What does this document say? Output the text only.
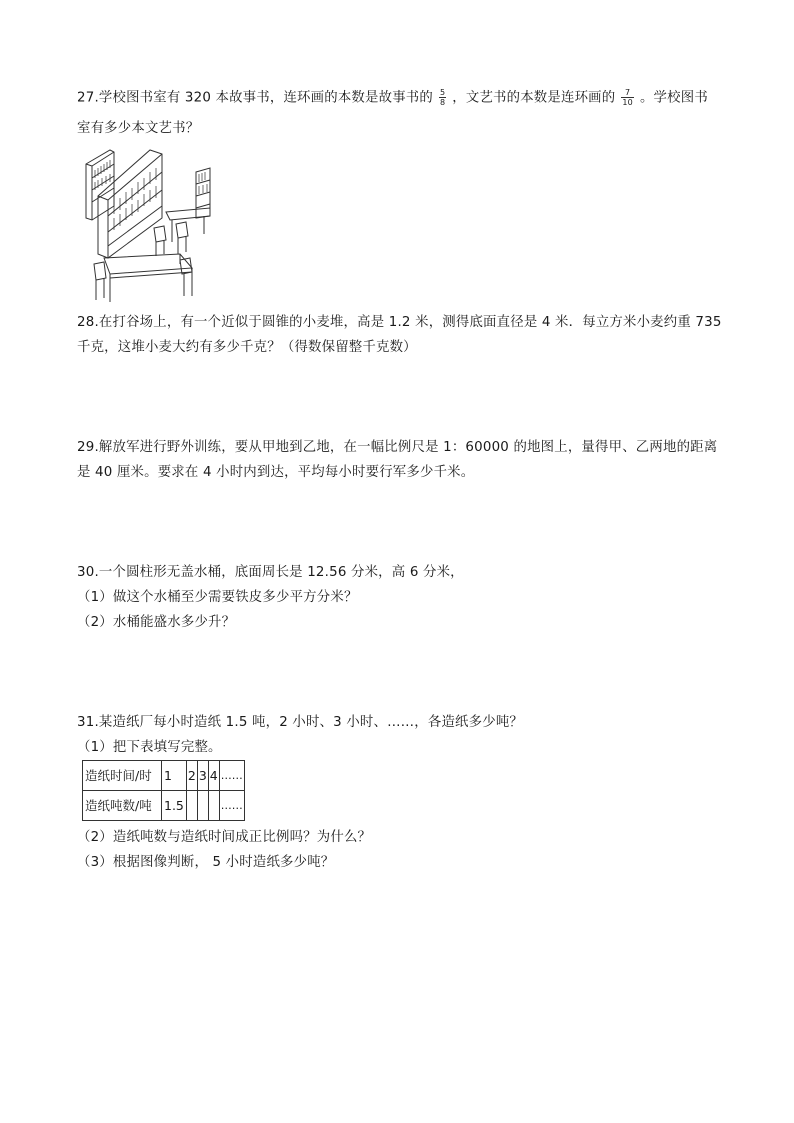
27.学校图书室有 320 本故事书，连环画的本数是故事书的 $\frac{5}{8}$ ，文艺书的本数是连环画的 $\frac{7}{10}$ 。学校图书
室有多少本文艺书？
28.在打谷场上，有一个近似于圆锥的小麦堆，高是 1.2 米，测得底面直径是 4 米．每立方米小麦约重 735
千克，这堆小麦大约有多少千克？（得数保留整千克数）
29.解放军进行野外训练，要从甲地到乙地，在一幅比例尺是 1：60000 的地图上，量得甲、乙两地的距离
是 40 厘米。要求在 4 小时内到达，平均每小时要行军多少千米。
30.一个圆柱形无盖水桶，底面周长是 12.56 分米，高 6 分米，
（1）做这个水桶至少需要铁皮多少平方分米？
（2）水桶能盛水多少升？
31.某造纸厂每小时造纸 1.5 吨，2 小时、3 小时、……，各造纸多少吨？
（1）把下表填写完整。
造纸时间/时	1	2	3	4	……
造纸吨数/吨	1.5				……
（2）造纸吨数与造纸时间成正比例吗？为什么？
（3）根据图像判断， 5 小时造纸多少吨？
